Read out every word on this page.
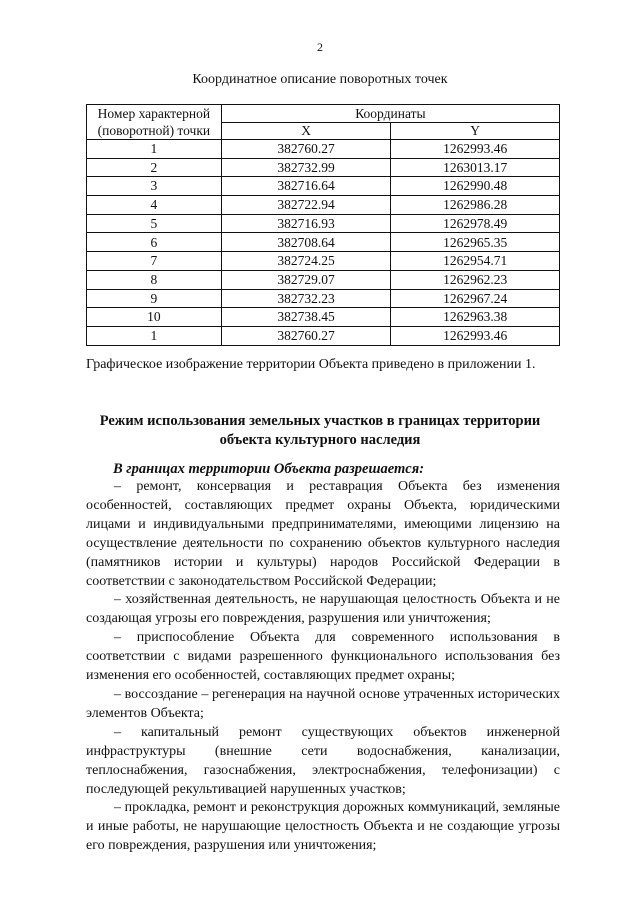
2
Координатное описание поворотных точек
Номер характерной (поворотной) точки	Координаты	
	X	Y
1	382760.27	1262993.46
2	382732.99	1263013.17
3	382716.64	1262990.48
4	382722.94	1262986.28
5	382716.93	1262978.49
6	382708.64	1262965.35
7	382724.25	1262954.71
8	382729.07	1262962.23
9	382732.23	1262967.24
10	382738.45	1262963.38
1	382760.27	1262993.46
Графическое изображение территории Объекта приведено в приложении 1.
Режим использования земельных участков в границах территории
объекта культурного наследия
В границах территории Объекта разрешается:

– ремонт, консервация и реставрация Объекта без изменения особенностей, составляющих предмет охраны Объекта, юридическими лицами и индивидуальными предпринимателями, имеющими лицензию на осуществление деятельности по сохранению объектов культурного наследия (памятников истории и культуры) народов Российской Федерации в соответствии с законодательством Российской Федерации;

– хозяйственная деятельность, не нарушающая целостность Объекта и не создающая угрозы его повреждения, разрушения или уничтожения;

– приспособление Объекта для современного использования в соответствии с видами разрешенного функционального использования без изменения его особенностей, составляющих предмет охраны;

– воссоздание – регенерация на научной основе утраченных исторических элементов Объекта;

– капитальный ремонт существующих объектов инженерной инфраструктуры (внешние сети водоснабжения, канализации, теплоснабжения, газоснабжения, электроснабжения, телефонизации) с последующей рекультивацией нарушенных участков;

– прокладка, ремонт и реконструкция дорожных коммуникаций, земляные и иные работы, не нарушающие целостность Объекта и не создающие угрозы его повреждения, разрушения или уничтожения;
